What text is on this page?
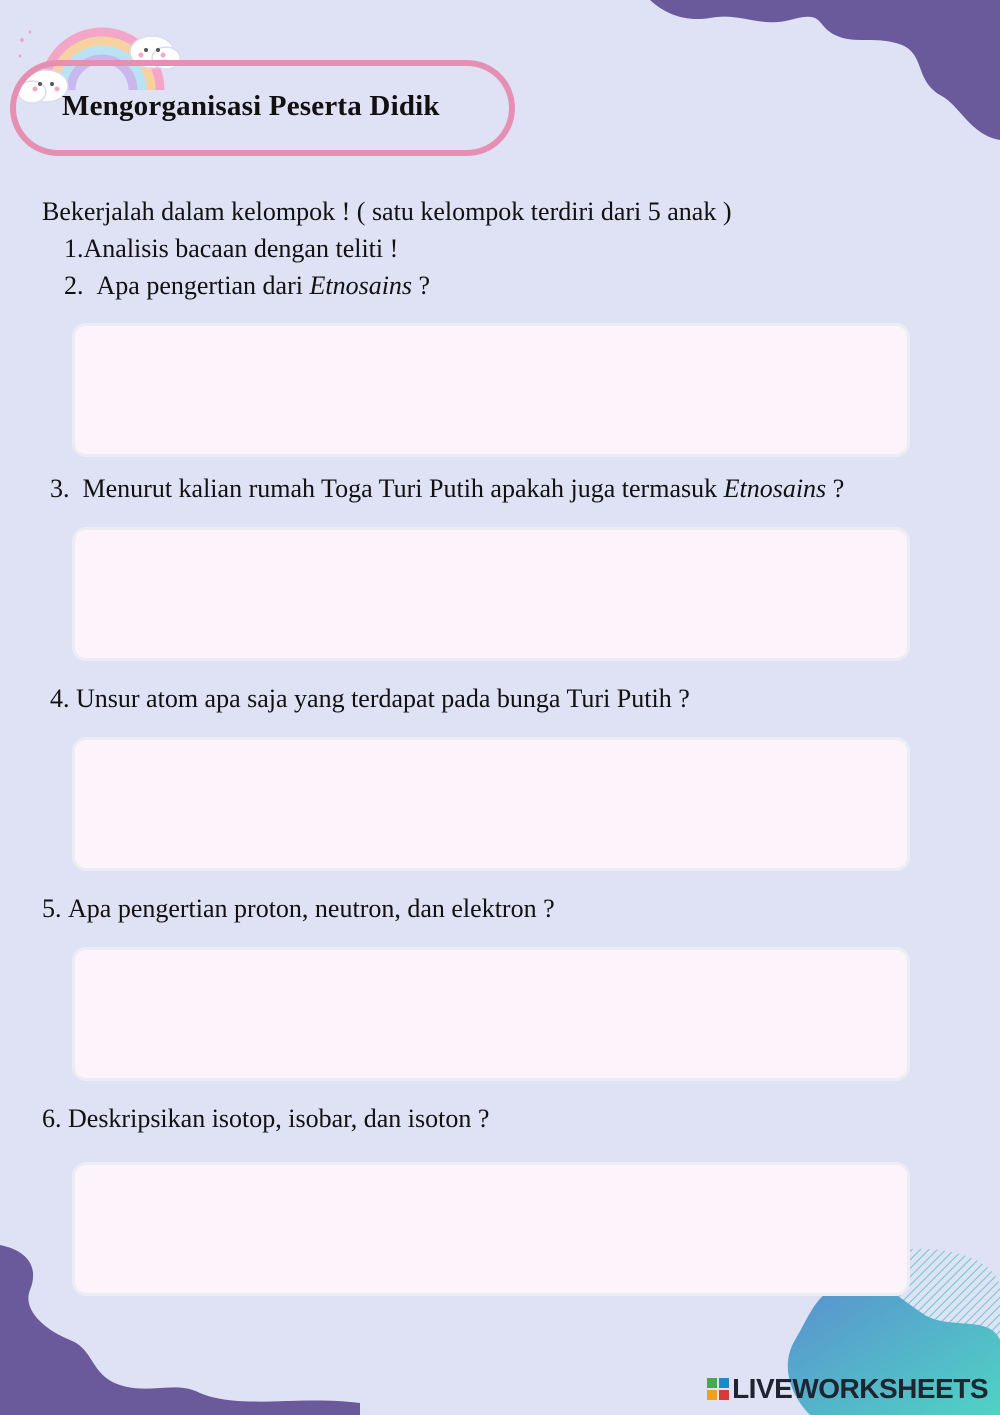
Mengorganisasi Peserta Didik
Bekerjalah dalam kelompok ! ( satu kelompok terdiri dari 5 anak )
1.Analisis bacaan dengan teliti !
2. Apa pengertian dari Etnosains ?
3. Menurut kalian rumah Toga Turi Putih apakah juga termasuk Etnosains ?
4. Unsur atom apa saja yang terdapat pada bunga Turi Putih ?
5. Apa pengertian proton, neutron, dan elektron ?
6. Deskripsikan isotop, isobar, dan isoton ?
LIVEWORKSHEETS
